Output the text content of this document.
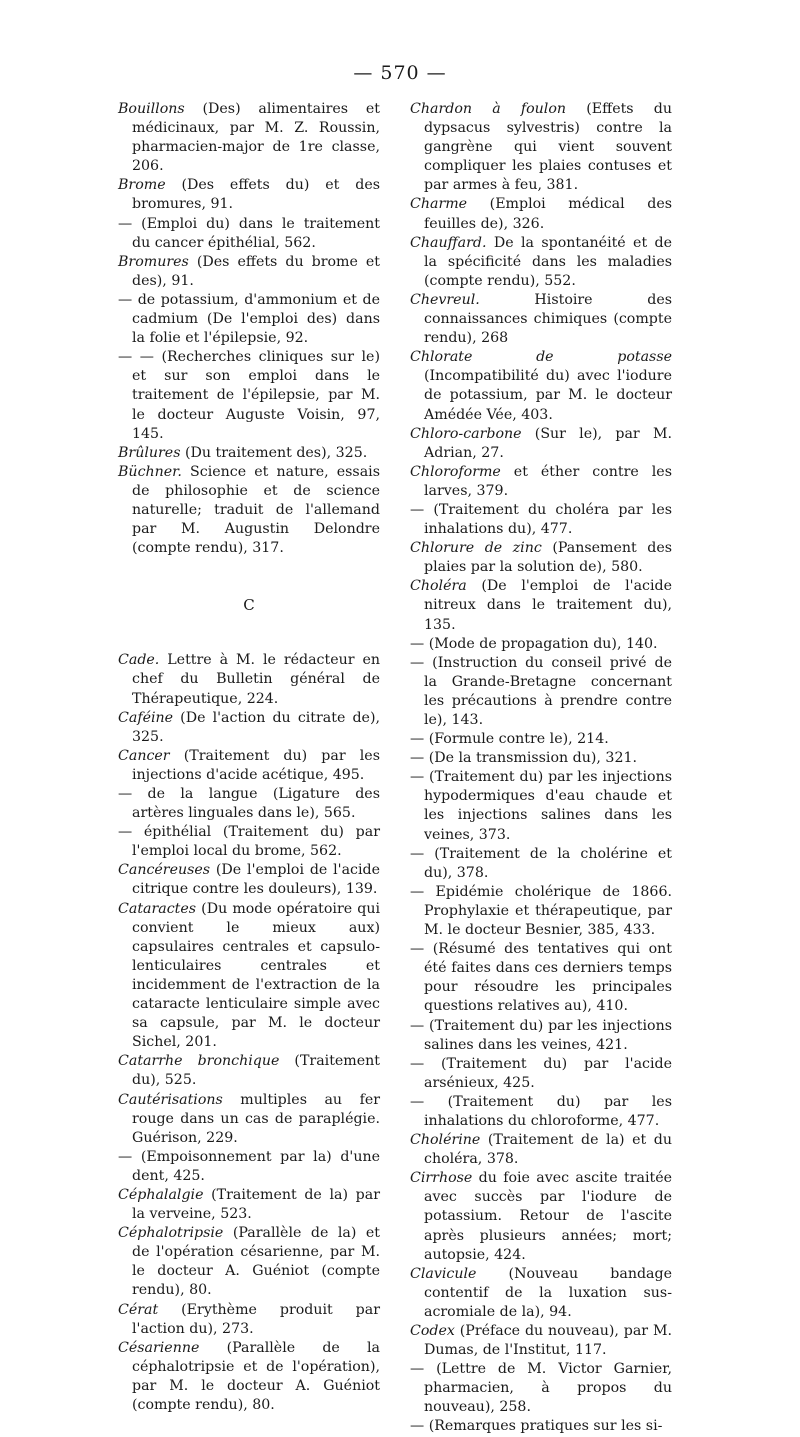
— 570 —

Bouillons (Des) alimentaires et médicinaux, par M. Z. Roussin, pharmacien-major de 1re classe, 206.

Brome (Des effets du) et des bromures, 91.

— (Emploi du) dans le traitement du cancer épithélial, 562.

Bromures (Des effets du brome et des), 91.

— de potassium, d'ammonium et de cadmium (De l'emploi des) dans la folie et l'épilepsie, 92.

— — (Recherches cliniques sur le) et sur son emploi dans le traitement de l'épilepsie, par M. le docteur Auguste Voisin, 97, 145.

Brûlures (Du traitement des), 325.

Büchner. Science et nature, essais de philosophie et de science naturelle; traduit de l'allemand par M. Augustin Delondre (compte rendu), 317.

C

Cade. Lettre à M. le rédacteur en chef du Bulletin général de Thérapeutique, 224.

Caféine (De l'action du citrate de), 325.

Cancer (Traitement du) par les injections d'acide acétique, 495.

— de la langue (Ligature des artères linguales dans le), 565.

— épithélial (Traitement du) par l'emploi local du brome, 562.

Cancéreuses (De l'emploi de l'acide citrique contre les douleurs), 139.

Cataractes (Du mode opératoire qui convient le mieux aux) capsulaires centrales et capsulo-lenticulaires centrales et incidemment de l'extraction de la cataracte lenticulaire simple avec sa capsule, par M. le docteur Sichel, 201.

Catarrhe bronchique (Traitement du), 525.

Cautérisations multiples au fer rouge dans un cas de paraplégie. Guérison, 229.

— (Empoisonnement par la) d'une dent, 425.

Céphalalgie (Traitement de la) par la verveine, 523.

Céphalotripsie (Parallèle de la) et de l'opération césarienne, par M. le docteur A. Guéniot (compte rendu), 80.

Cérat (Erythème produit par l'action du), 273.

Césarienne (Parallèle de la céphalotripsie et de l'opération), par M. le docteur A. Guéniot (compte rendu), 80.

Chardon à foulon (Effets du dypsacus sylvestris) contre la gangrène qui vient souvent compliquer les plaies contuses et par armes à feu, 381.

Charme (Emploi médical des feuilles de), 326.

Chauffard. De la spontanéité et de la spécificité dans les maladies (compte rendu), 552.

Chevreul. Histoire des connaissances chimiques (compte rendu), 268

Chlorate de potasse (Incompatibilité du) avec l'iodure de potassium, par M. le docteur Amédée Vée, 403.

Chloro-carbone (Sur le), par M. Adrian, 27.

Chloroforme et éther contre les larves, 379.

— (Traitement du choléra par les inhalations du), 477.

Chlorure de zinc (Pansement des plaies par la solution de), 580.

Choléra (De l'emploi de l'acide nitreux dans le traitement du), 135.

— (Mode de propagation du), 140.

— (Instruction du conseil privé de la Grande-Bretagne concernant les précautions à prendre contre le), 143.

— (Formule contre le), 214.

— (De la transmission du), 321.

— (Traitement du) par les injections hypodermiques d'eau chaude et les injections salines dans les veines, 373.

— (Traitement de la cholérine et du), 378.

— Epidémie cholérique de 1866. Prophylaxie et thérapeutique, par M. le docteur Besnier, 385, 433.

— (Résumé des tentatives qui ont été faites dans ces derniers temps pour résoudre les principales questions relatives au), 410.

— (Traitement du) par les injections salines dans les veines, 421.

— (Traitement du) par l'acide arsénieux, 425.

— (Traitement du) par les inhalations du chloroforme, 477.

Cholérine (Traitement de la) et du choléra, 378.

Cirrhose du foie avec ascite traitée avec succès par l'iodure de potassium. Retour de l'ascite après plusieurs années; mort; autopsie, 424.

Clavicule (Nouveau bandage contentif de la luxation sus-acromiale de la), 94.

Codex (Préface du nouveau), par M. Dumas, de l'Institut, 117.

— (Lettre de M. Victor Garnier, pharmacien, à propos du nouveau), 258.

— (Remarques pratiques sur les si-
